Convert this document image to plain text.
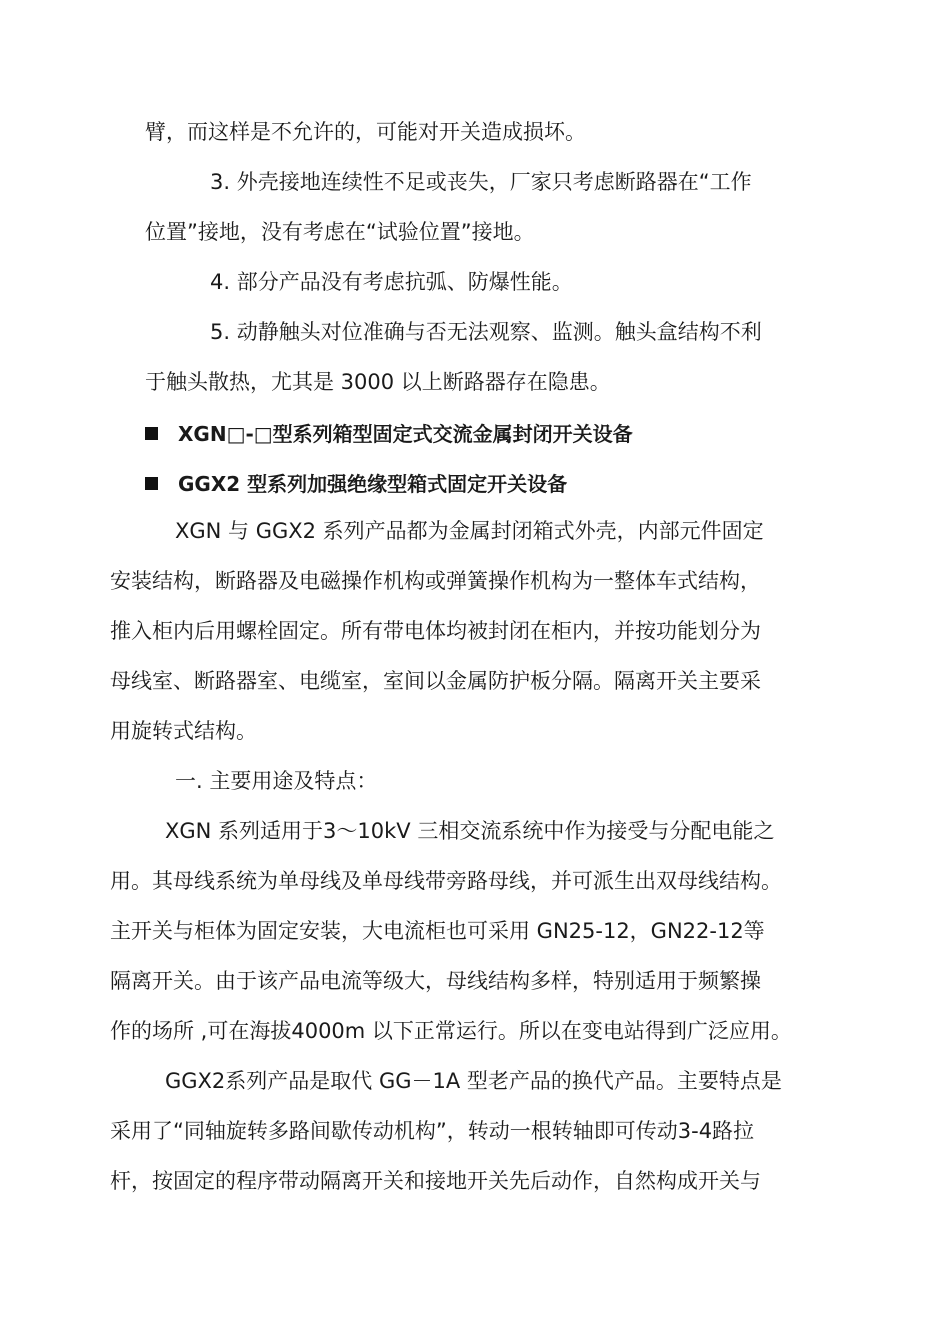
臂，而这样是不允许的，可能对开关造成损坏。
3. 外壳接地连续性不足或丧失，厂家只考虑断路器在“工作
位置”接地，没有考虑在“试验位置”接地。
4. 部分产品没有考虑抗弧、防爆性能。
5. 动静触头对位准确与否无法观察、监测。触头盒结构不利
于触头散热，尤其是 3000 以上断路器存在隐患。
XGN□-□型系列箱型固定式交流金属封闭开关设备
GGX2 型系列加强绝缘型箱式固定开关设备
XGN 与 GGX2 系列产品都为金属封闭箱式外壳，内部元件固定
安装结构，断路器及电磁操作机构或弹簧操作机构为一整体车式结构，
推入柜内后用螺栓固定。所有带电体均被封闭在柜内，并按功能划分为
母线室、断路器室、电缆室，室间以金属防护板分隔。隔离开关主要采
用旋转式结构。
一. 主要用途及特点：
XGN 系列适用于3～10kV 三相交流系统中作为接受与分配电能之
用。其母线系统为单母线及单母线带旁路母线，并可派生出双母线结构。
主开关与柜体为固定安装，大电流柜也可采用 GN25-12，GN22-12等
隔离开关。由于该产品电流等级大，母线结构多样，特别适用于频繁操
作的场所 ,可在海拔4000m 以下正常运行。所以在变电站得到广泛应用。
GGX2系列产品是取代 GG－1A 型老产品的换代产品。主要特点是
采用了“同轴旋转多路间歇传动机构”，转动一根转轴即可传动3-4路拉
杆，按固定的程序带动隔离开关和接地开关先后动作，自然构成开关与
